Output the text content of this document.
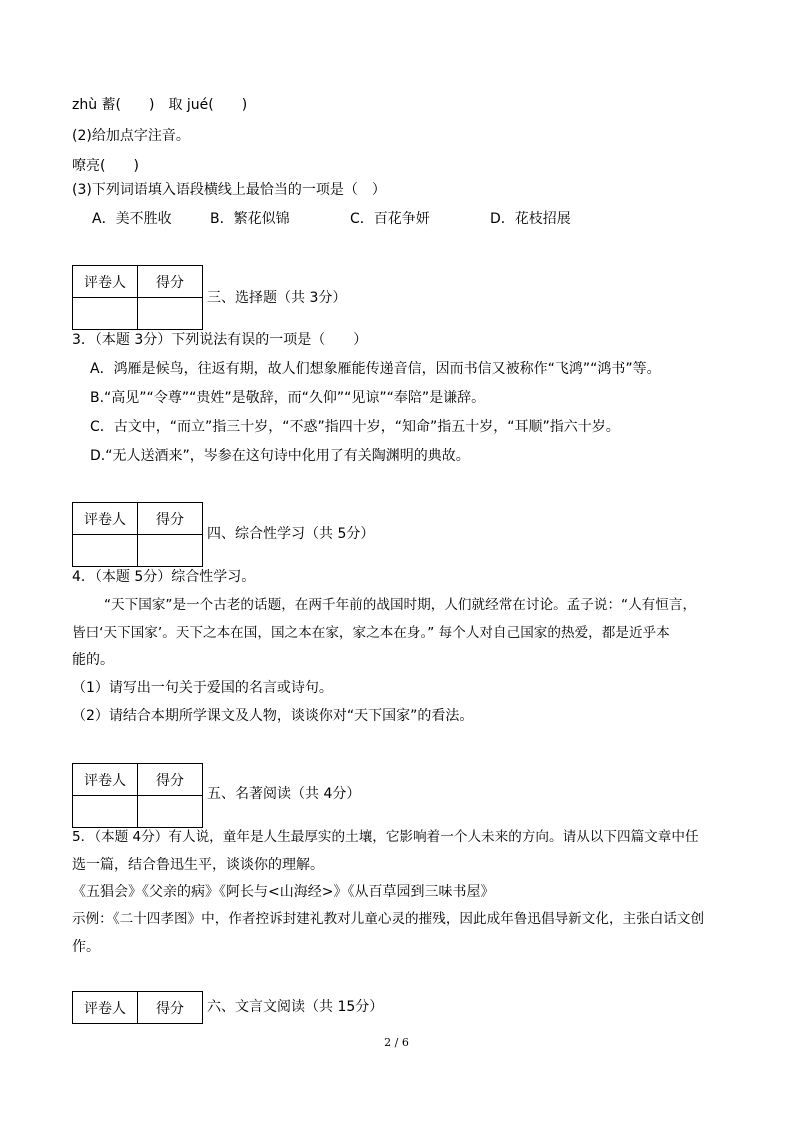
zhù 蓄(　　)　取 jué(　　)
(2)给加点字注音。
嘹亮(　　)
(3)下列词语填入语段横线上最恰当的一项是（　）
A．美不胜收	B．繁花似锦	C．百花争妍	D．花枝招展
评卷人	得分

三、选择题（共 3分）
3．（本题 3分）下列说法有误的一项是（　　）
A．鸿雁是候鸟，往返有期，故人们想象雁能传递音信，因而书信又被称作“飞鸿”“鸿书”等。
B.“高见”“令尊”“贵姓”是敬辞，而“久仰”“见谅”“奉陪”是谦辞。
C．古文中，“而立”指三十岁，“不惑”指四十岁，“知命”指五十岁，“耳顺”指六十岁。
D.“无人送酒来”，岑参在这句诗中化用了有关陶渊明的典故。
评卷人	得分

四、综合性学习（共 5分）
4．（本题 5分）综合性学习。
“天下国家”是一个古老的话题，在两千年前的战国时期，人们就经常在讨论。孟子说：“人有恒言，
皆曰‘天下国家’。天下之本在国，国之本在家，家之本在身。” 每个人对自己国家的热爱，都是近乎本
能的。
（1）请写出一句关于爱国的名言或诗句。
（2）请结合本期所学课文及人物，谈谈你对“天下国家”的看法。
评卷人	得分

五、名著阅读（共 4分）
5．（本题 4分）有人说，童年是人生最厚实的土壤，它影响着一个人未来的方向。请从以下四篇文章中任
选一篇，结合鲁迅生平，谈谈你的理解。
《五猖会》《父亲的病》《阿长与<山海经>》《从百草园到三味书屋》
示例：《二十四孝图》中，作者控诉封建礼教对儿童心灵的摧残，因此成年鲁迅倡导新文化，主张白话文创
作。
评卷人	得分 六、文言文阅读（共 15分）
2 / 6
